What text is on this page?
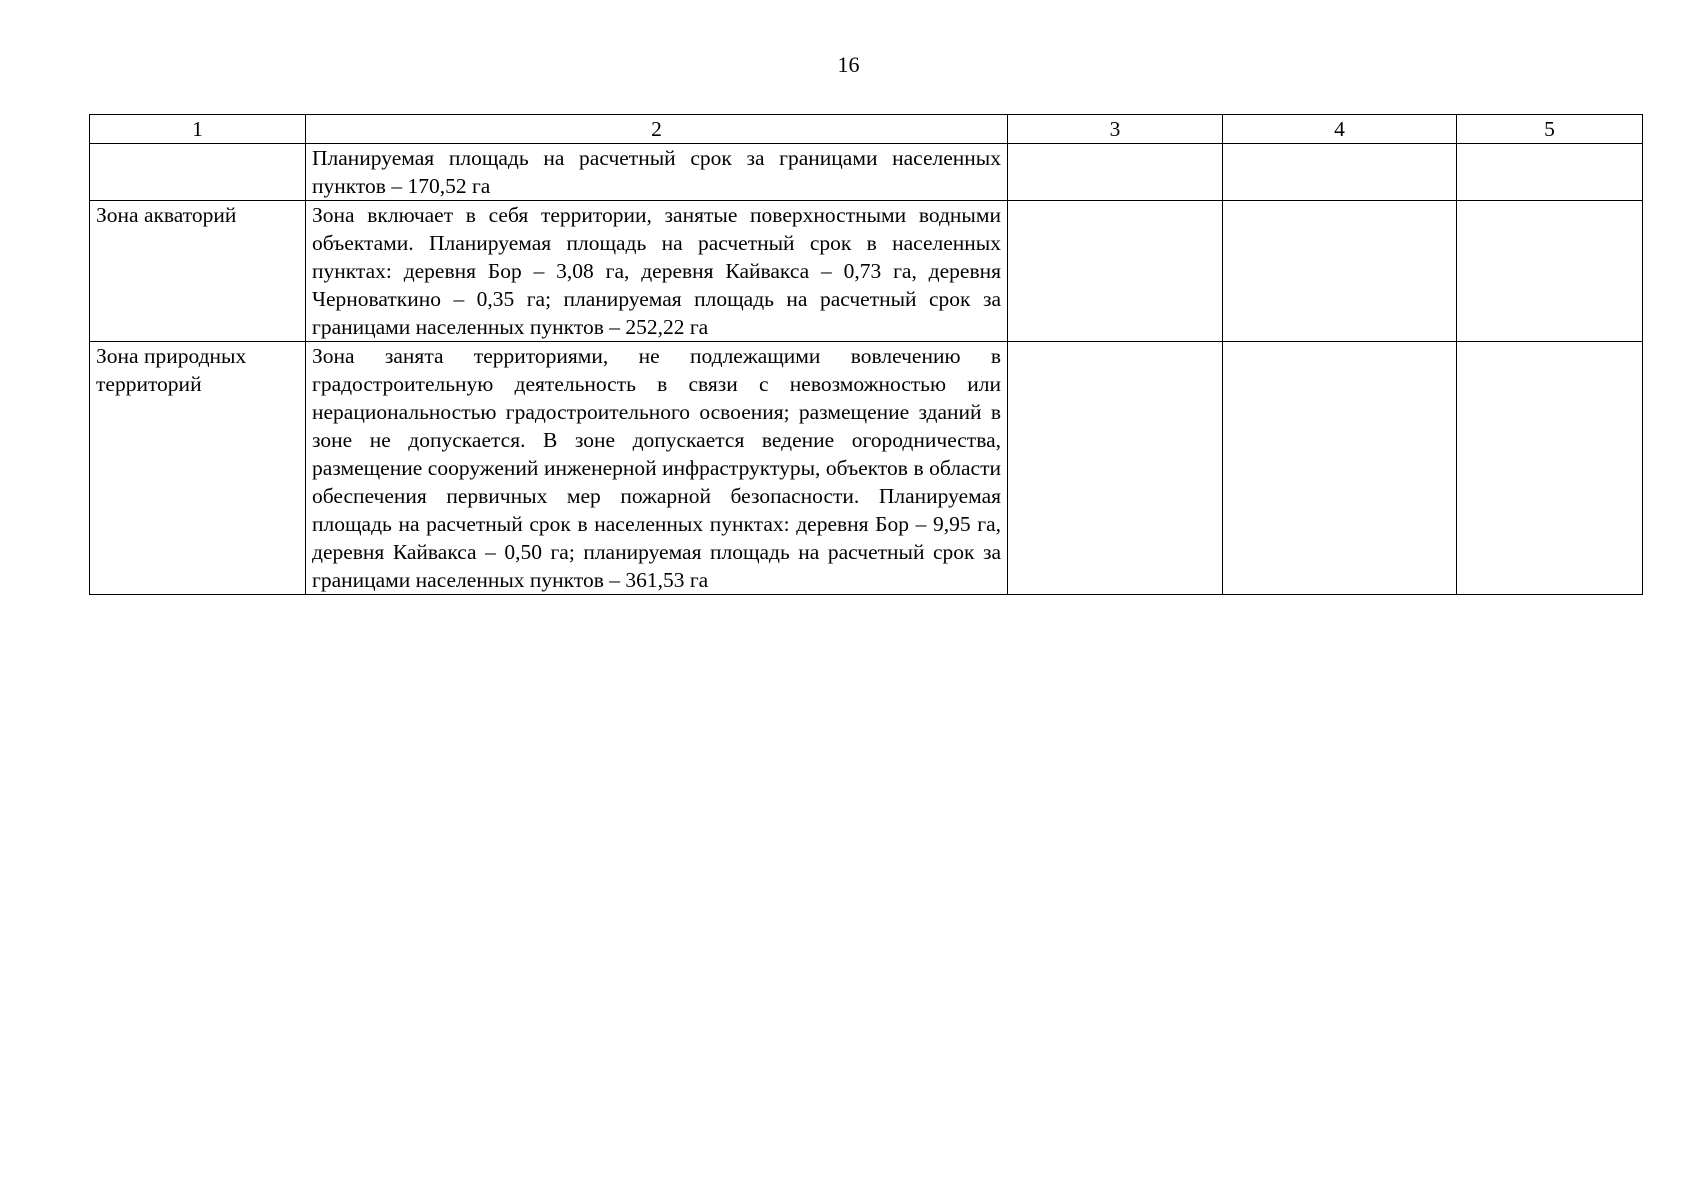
16
1	2	3	4	5
	Планируемая площадь на расчетный срок за границами населенных пунктов – 170,52 га			
Зона акваторий	Зона включает в себя территории, занятые поверхностными водными объектами. Планируемая площадь на расчетный срок в населенных пунктах: деревня Бор – 3,08 га, деревня Кайвакса – 0,73 га, деревня Черноваткино – 0,35 га; планируемая площадь на расчетный срок за границами населенных пунктов – 252,22 га			
Зона природных территорий	Зона занята территориями, не подлежащими вовлечению в градостроительную деятельность в связи с невозможностью или нерациональностью градостроительного освоения; размещение зданий в зоне не допускается. В зоне допускается ведение огородничества, размещение сооружений инженерной инфраструктуры, объектов в области обеспечения первичных мер пожарной безопасности. Планируемая площадь на расчетный срок в населенных пунктах: деревня Бор – 9,95 га, деревня Кайвакса – 0,50 га; планируемая площадь на расчетный срок за границами населенных пунктов – 361,53 га			
